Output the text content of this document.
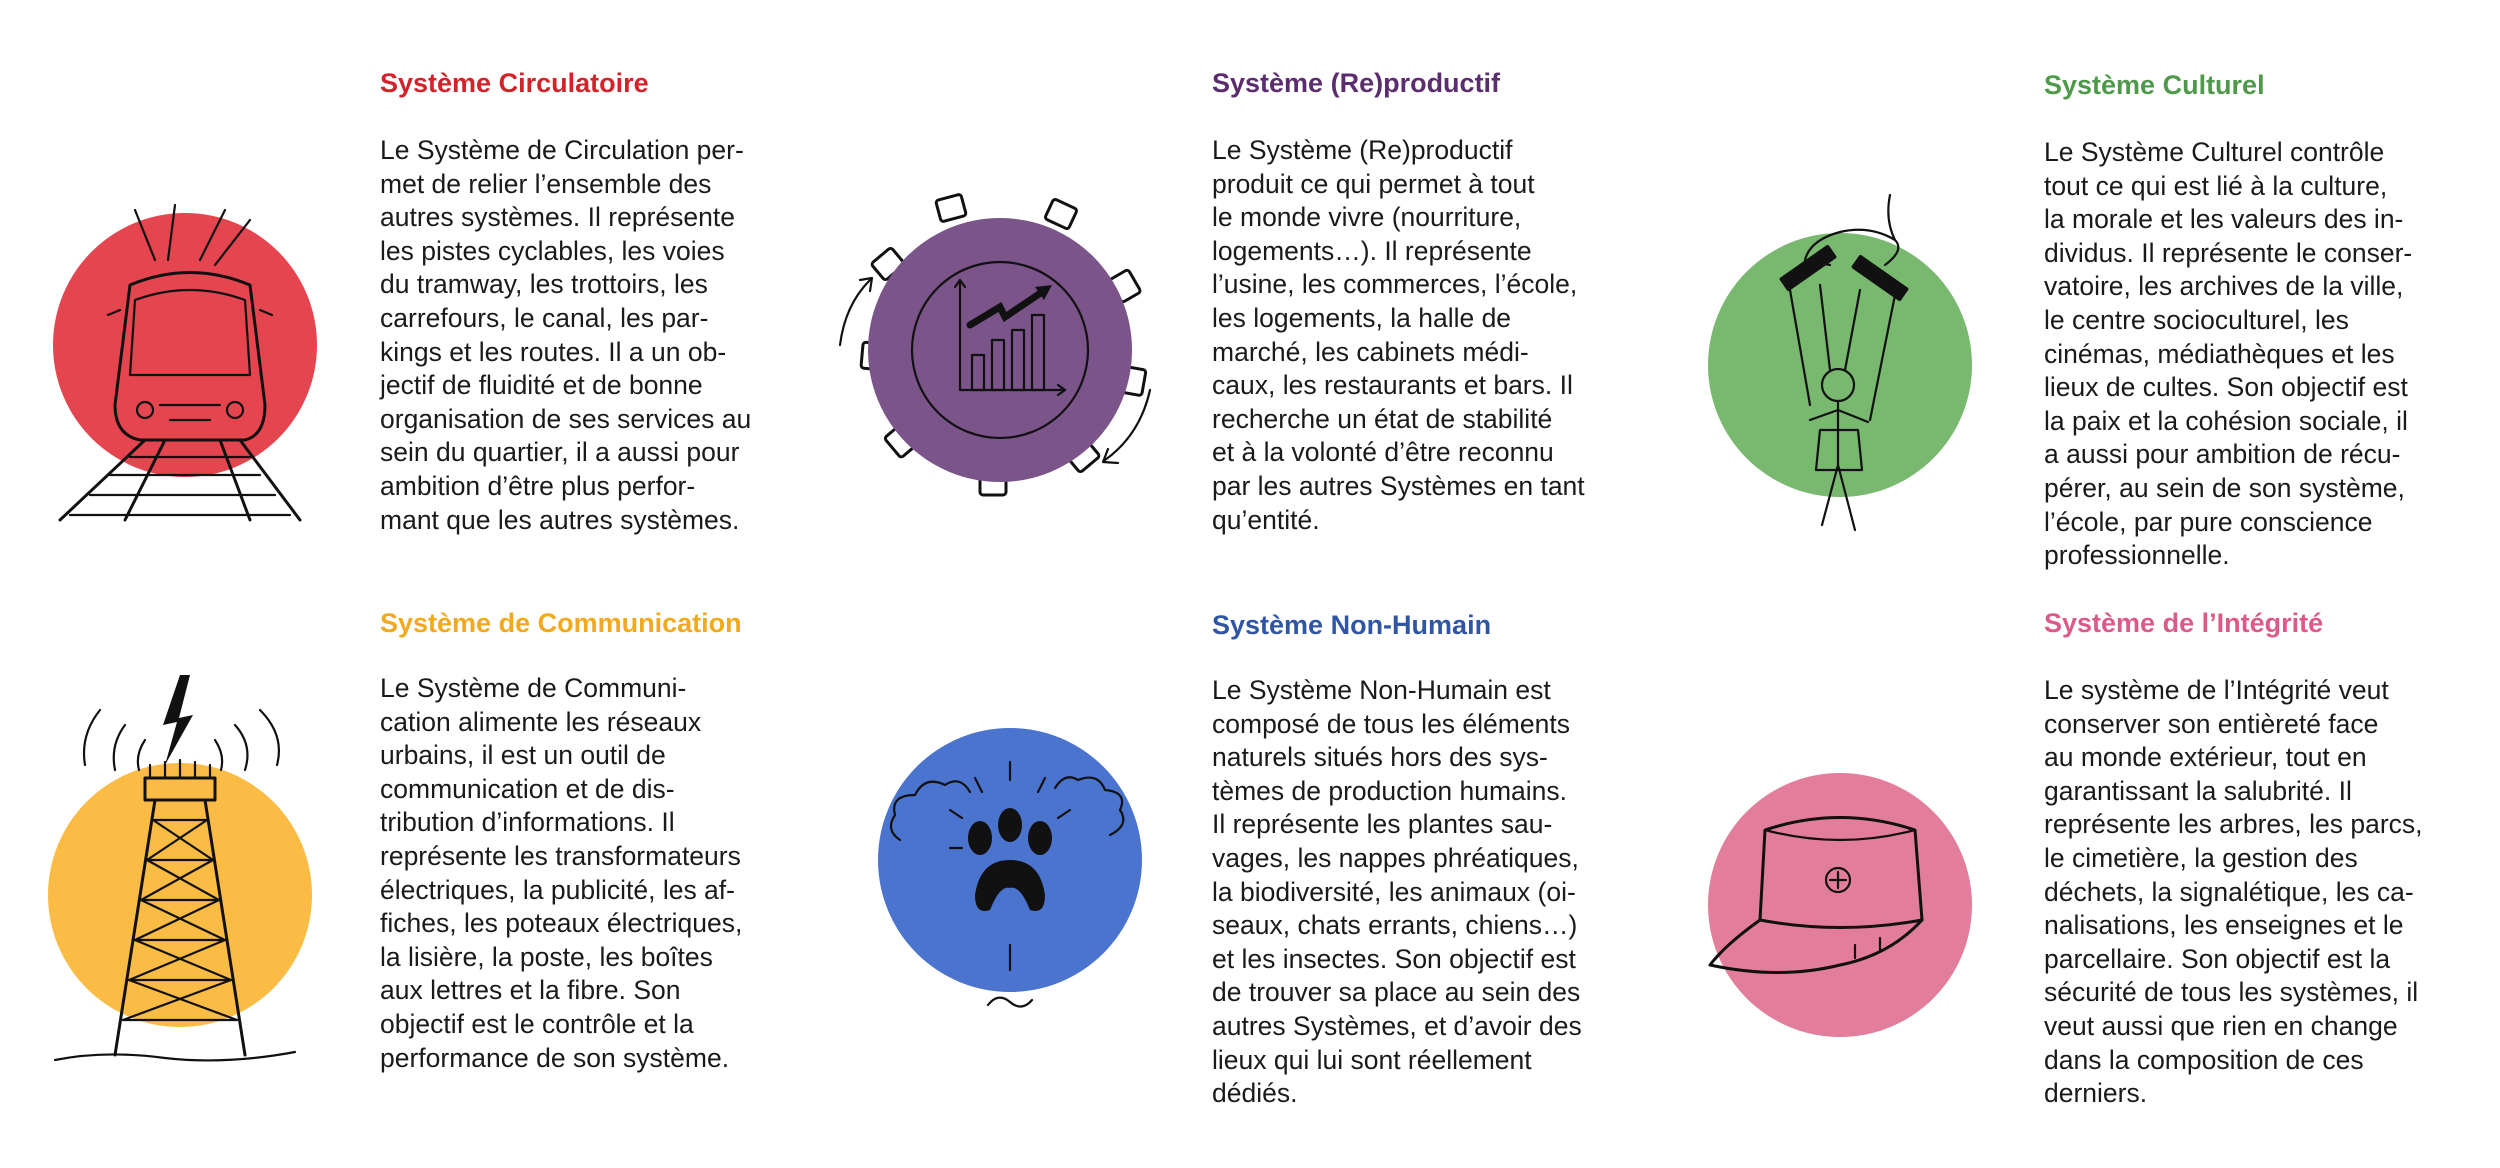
Système Circulatoire

Le Système de Circulation per-
met de relier l’ensemble des
autres systèmes. Il représente
les pistes cyclables, les voies
du tramway, les trottoirs, les
carrefours, le canal, les par-
kings et les routes. Il a un ob-
jectif de fluidité et de bonne
organisation de ses services au
sein du quartier, il a aussi pour
ambition d’être plus perfor-
mant que les autres systèmes.

Système (Re)productif

Le Système (Re)productif
produit ce qui permet à tout
le monde vivre (nourriture,
logements…). Il représente
l’usine, les commerces, l’école,
les logements, la halle de
marché, les cabinets médi-
caux, les restaurants et bars. Il
recherche un état de stabilité
et à la volonté d’être reconnu
par les autres Systèmes en tant
qu’entité.

Système Culturel

Le Système Culturel contrôle
tout ce qui est lié à la culture,
la morale et les valeurs des in-
dividus. Il représente le conser-
vatoire, les archives de la ville,
le centre socioculturel, les
cinémas, médiathèques et les
lieux de cultes. Son objectif est
la paix et la cohésion sociale, il
a aussi pour ambition de récu-
pérer, au sein de son système,
l’école, par pure conscience
professionnelle.

Système de Communication

Le Système de Communi-
cation alimente les réseaux
urbains, il est un outil de
communication et de dis-
tribution d’informations. Il
représente les transformateurs
électriques, la publicité, les af-
fiches, les poteaux électriques,
la lisière, la poste, les boîtes
aux lettres et la fibre. Son
objectif est le contrôle et la
performance de son système.

Système Non-Humain

Le Système Non-Humain est
composé de tous les éléments
naturels situés hors des sys-
tèmes de production humains.
Il représente les plantes sau-
vages, les nappes phréatiques,
la biodiversité, les animaux (oi-
seaux, chats errants, chiens…)
et les insectes. Son objectif est
de trouver sa place au sein des
autres Systèmes, et d’avoir des
lieux qui lui sont réellement
dédiés.

Système de l’Intégrité

Le système de l’Intégrité veut
conserver son entièreté face
au monde extérieur, tout en
garantissant la salubrité. Il
représente les arbres, les parcs,
le cimetière, la gestion des
déchets, la signalétique, les ca-
nalisations, les enseignes et le
parcellaire. Son objectif est la
sécurité de tous les systèmes, il
veut aussi que rien en change
dans la composition de ces
derniers.
